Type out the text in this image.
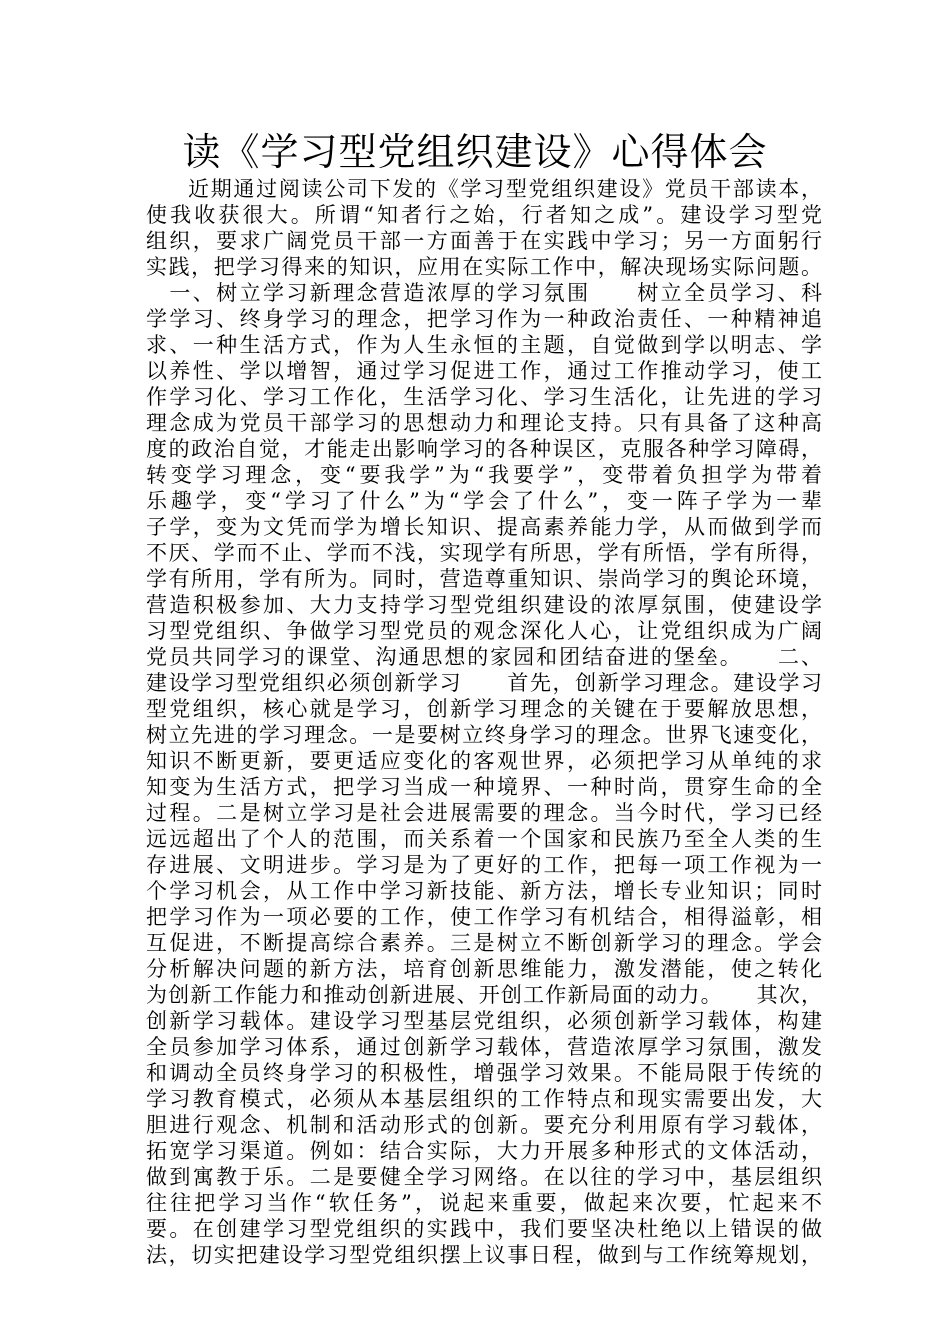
读《学习型党组织建设》心得体会
近期通过阅读公司下发的《学习型党组织建设》党员干部读本，
使我收获很大。所谓“知者行之始，行者知之成”。建设学习型党
组织，要求广阔党员干部一方面善于在实践中学习；另一方面躬行
实践，把学习得来的知识，应用在实际工作中，解决现场实际问题。
　一、树立学习新理念营造浓厚的学习氛围　　树立全员学习、科
学学习、终身学习的理念，把学习作为一种政治责任、一种精神追
求、一种生活方式，作为人生永恒的主题，自觉做到学以明志、学
以养性、学以增智，通过学习促进工作，通过工作推动学习，使工
作学习化、学习工作化，生活学习化、学习生活化，让先进的学习
理念成为党员干部学习的思想动力和理论支持。只有具备了这种高
度的政治自觉，才能走出影响学习的各种误区，克服各种学习障碍，
转变学习理念，变“要我学”为“我要学”，变带着负担学为带着
乐趣学，变“学习了什么”为“学会了什么”，变一阵子学为一辈
子学，变为文凭而学为增长知识、提高素养能力学，从而做到学而
不厌、学而不止、学而不浅，实现学有所思，学有所悟，学有所得，
学有所用，学有所为。同时，营造尊重知识、崇尚学习的舆论环境，
营造积极参加、大力支持学习型党组织建设的浓厚氛围，使建设学
习型党组织、争做学习型党员的观念深化人心，让党组织成为广阔
党员共同学习的课堂、沟通思想的家园和团结奋进的堡垒。　　二、
建设学习型党组织必须创新学习　　首先，创新学习理念。建设学习
型党组织，核心就是学习，创新学习理念的关键在于要解放思想，
树立先进的学习理念。一是要树立终身学习的理念。世界飞速变化，
知识不断更新，要更适应变化的客观世界，必须把学习从单纯的求
知变为生活方式，把学习当成一种境界、一种时尚，贯穿生命的全
过程。二是树立学习是社会进展需要的理念。当今时代，学习已经
远远超出了个人的范围，而关系着一个国家和民族乃至全人类的生
存进展、文明进步。学习是为了更好的工作，把每一项工作视为一
个学习机会，从工作中学习新技能、新方法，增长专业知识；同时
把学习作为一项必要的工作，使工作学习有机结合，相得溢彰，相
互促进，不断提高综合素养。三是树立不断创新学习的理念。学会
分析解决问题的新方法，培育创新思维能力，激发潜能，使之转化
为创新工作能力和推动创新进展、开创工作新局面的动力。　　其次，
创新学习载体。建设学习型基层党组织，必须创新学习载体，构建
全员参加学习体系，通过创新学习载体，营造浓厚学习氛围，激发
和调动全员终身学习的积极性，增强学习效果。不能局限于传统的
学习教育模式，必须从本基层组织的工作特点和现实需要出发，大
胆进行观念、机制和活动形式的创新。要充分利用原有学习载体，
拓宽学习渠道。例如：结合实际，大力开展多种形式的文体活动，
做到寓教于乐。二是要健全学习网络。在以往的学习中，基层组织
往往把学习当作“软任务”，说起来重要，做起来次要，忙起来不
要。在创建学习型党组织的实践中，我们要坚决杜绝以上错误的做
法，切实把建设学习型党组织摆上议事日程，做到与工作统筹规划，
